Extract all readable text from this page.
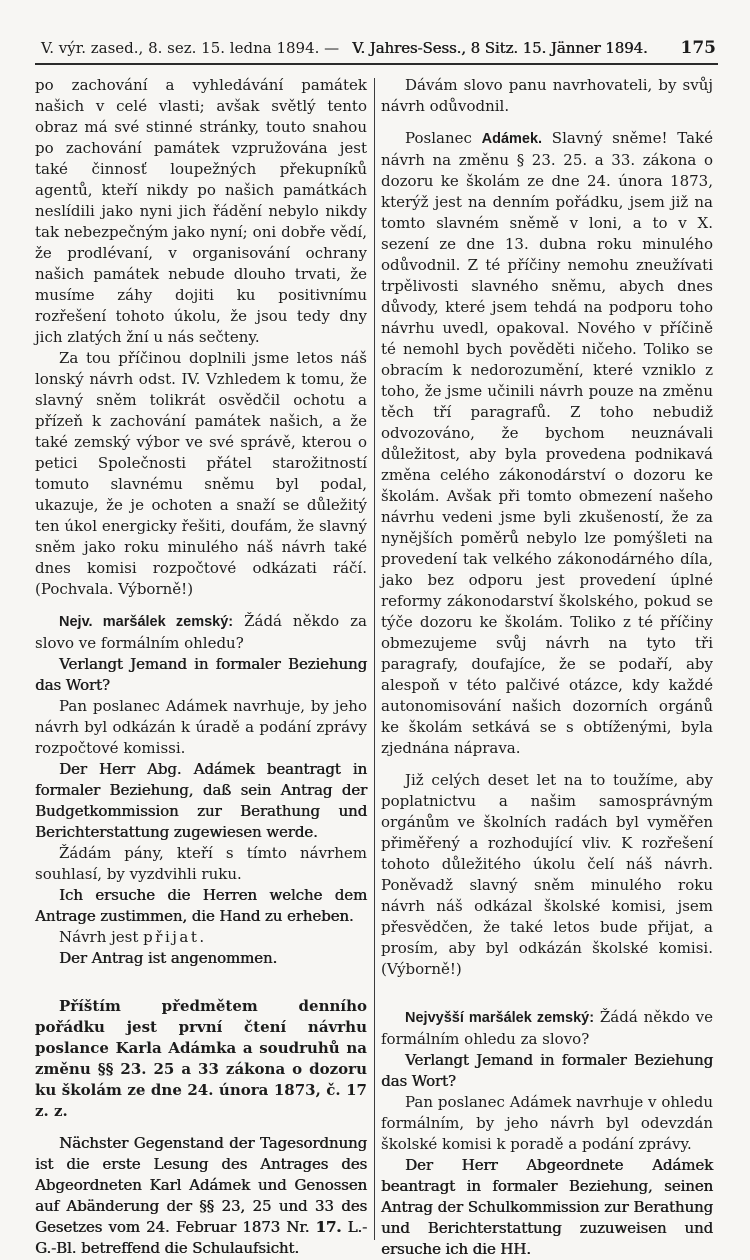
V. výr. zased., 8. sez. 15. ledna 1894. — V. Jahres-Sess., 8 Sitz. 15. Jänner 1894. 175

po zachování a vyhledávání památek našich v celé vlasti; avšak světlý tento obraz má své stinné stránky, touto snahou po zachování památek vzpružována jest také činnosť loupežných překupníků agentů, kteří nikdy po našich památkách neslídili jako nyni jich řádění nebylo nikdy tak nebezpečným jako nyní; oni dobře vědí, že prodlévaní, v organisování ochrany našich památek nebude dlouho trvati, že musíme záhy dojiti ku positivnímu rozřešení tohoto úkolu, že jsou tedy dny jich zlatých žní u nás sečteny.

Za tou příčinou doplnili jsme letos náš lonský návrh odst. IV. Vzhledem k tomu, že slavný sněm tolikrát osvědčil ochotu a přízeň k zachování památek našich, a že také zemský výbor ve své správě, kterou o petici Společnosti přátel starožitností tomuto slavnému sněmu byl podal, ukazuje, že je ochoten a snaží se důležitý ten úkol energicky řešiti, doufám, že slavný sněm jako roku minulého náš návrh také dnes komisi rozpočtové odkázati ráčí. (Pochvala. Výborně!)

Nejv. maršálek zemský: Žádá někdo za slovo ve formálním ohledu?

Verlangt Jemand in formaler Beziehung das Wort?

Pan poslanec Adámek navrhuje, by jeho návrh byl odkázán k úradě a podání zprávy rozpočtové komissi.

Der Herr Abg. Adámek beantragt in formaler Beziehung, daß sein Antrag der Budgetkommission zur Berathung und Berichterstattung zugewiesen werde.

Žádám pány, kteří s tímto návrhem souhlasí, by vyzdvihli ruku.

Ich ersuche die Herren welche dem Antrage zustimmen, die Hand zu erheben.

Návrh jest přijat.

Der Antrag ist angenommen.

Příštím předmětem denního pořádku jest první čtení návrhu poslance Karla Adámka a soudruhů na změnu §§ 23. 25 a 33 zákona o dozoru ku školám ze dne 24. února 1873, č. 17 z. z.

Nächster Gegenstand der Tagesordnung ist die erste Lesung des Antrages des Abgeordneten Karl Adámek und Genossen auf Abänderung der §§ 23, 25 und 33 des Gesetzes vom 24. Februar 1873 Nr. 17. L.-G.-Bl. betreffend die Schulaufsicht.

Dávám slovo panu navrhovateli, by svůj návrh odůvodnil.

Poslanec Adámek. Slavný sněme! Také návrh na změnu § 23. 25. a 33. zákona o dozoru ke školám ze dne 24. února 1873, kterýž jest na denním pořádku, jsem již na tomto slavném sněmě v loni, a to v X. sezení ze dne 13. dubna roku minulého odůvodnil. Z té příčiny nemohu zneužívati trpělivosti slavného sněmu, abych dnes důvody, které jsem tehdá na podporu toho návrhu uvedl, opakoval. Nového v příčině té nemohl bych pověděti ničeho. Toliko se obracím k nedorozumění, které vzniklo z toho, že jsme učinili návrh pouze na změnu těch tří paragrafů. Z toho nebudiž odvozováno, že bychom neuznávali důležitost, aby byla provedena podnikavá změna celého zákonodárství o dozoru ke školám. Avšak při tomto obmezení našeho návrhu vedeni jsme byli zkušeností, že za nynějších poměrů nebylo lze pomýšleti na provedení tak velkého zákonodárného díla, jako bez odporu jest provedení úplné reformy zákonodarství školského, pokud se týče dozoru ke školám. Toliko z té příčiny obmezujeme svůj návrh na tyto tři paragrafy, doufajíce, že se podaří, aby alespoň v této palčivé otázce, kdy každé autonomisování našich dozorních orgánů ke školám setkává se s obtíženými, byla zjednána náprava.

Již celých deset let na to toužíme, aby poplatnictvu a našim samosprávným orgánům ve školních radách byl vyměřen přiměřený a rozhodující vliv. K rozřešení tohoto důležitého úkolu čelí náš návrh. Poněvadž slavný sněm minulého roku návrh náš odkázal školské komisi, jsem přesvědčen, že také letos bude přijat, a prosím, aby byl odkázán školské komisi. (Výborně!)

Nejvyšší maršálek zemský: Žádá někdo ve formálním ohledu za slovo?

Verlangt Jemand in formaler Beziehung das Wort?

Pan poslanec Adámek navrhuje v ohledu formálním, by jeho návrh byl odevzdán školské komisi k poradě a podání zprávy.

Der Herr Abgeordnete Adámek beantragt in formaler Beziehung, seinen Antrag der Schulkommission zur Berathung und Berichterstattung zuzuweisen und ersuche ich die HH.
